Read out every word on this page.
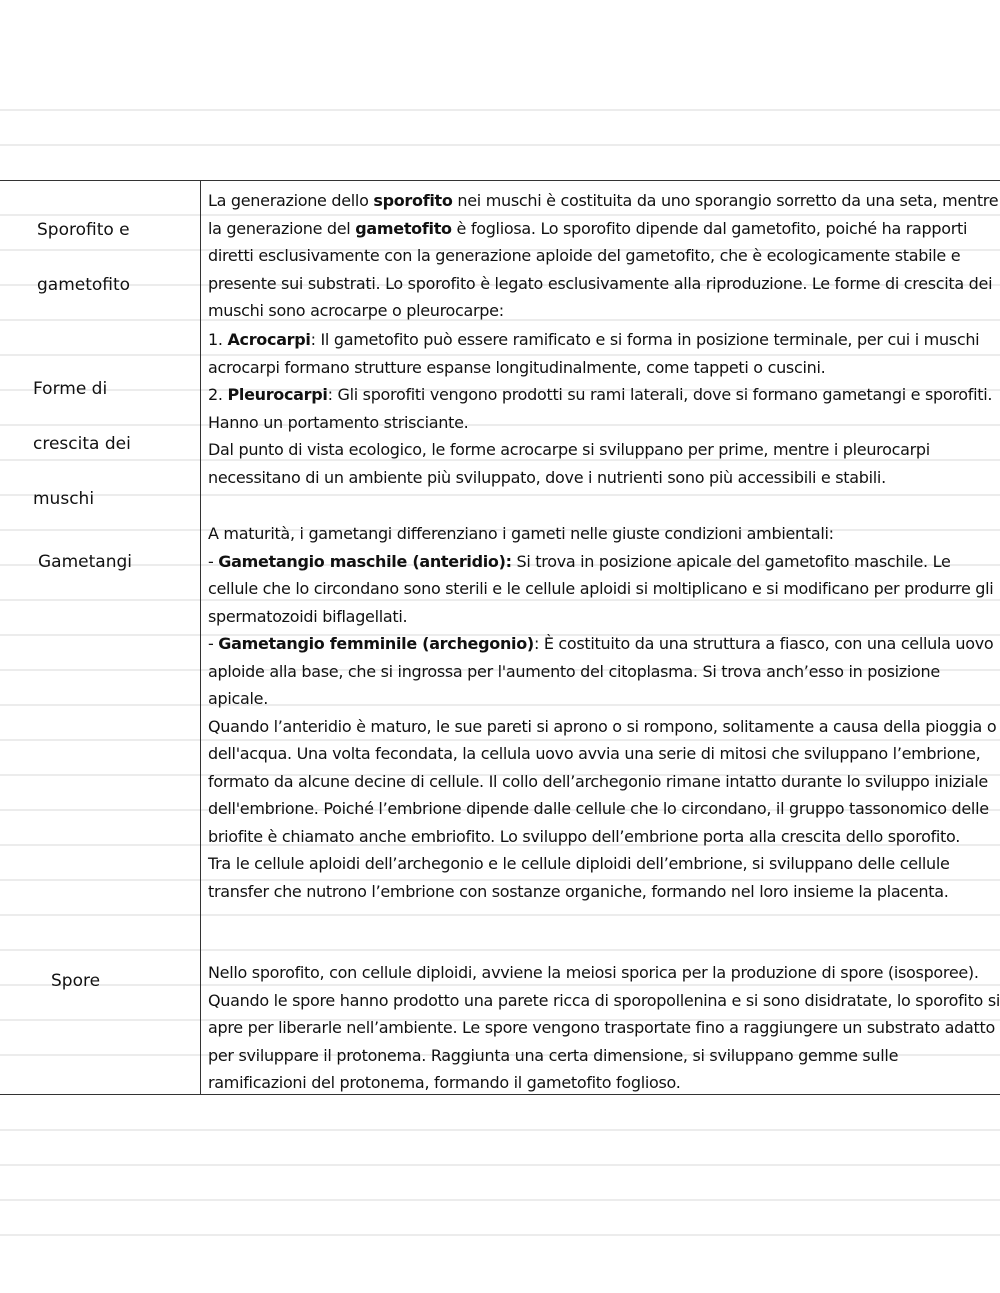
Sporofito e

gametofito

Forme di

crescita dei

muschi

Gametangi

Spore

La generazione dello sporofito nei muschi è costituita da uno sporangio sorretto da una seta, mentre la generazione del gametofito è fogliosa. Lo sporofito dipende dal gametofito, poiché ha rapporti diretti esclusivamente con la generazione aploide del gametofito, che è ecologicamente stabile e presente sui substrati. Lo sporofito è legato esclusivamente alla riproduzione. Le forme di crescita dei muschi sono acrocarpe o pleurocarpe:

1. Acrocarpi: Il gametofito può essere ramificato e si forma in posizione terminale, per cui i muschi acrocarpi formano strutture espanse longitudinalmente, come tappeti o cuscini.

2. Pleurocarpi: Gli sporofiti vengono prodotti su rami laterali, dove si formano gametangi e sporofiti. Hanno un portamento strisciante.

Dal punto di vista ecologico, le forme acrocarpe si sviluppano per prime, mentre i pleurocarpi necessitano di un ambiente più sviluppato, dove i nutrienti sono più accessibili e stabili.

A maturità, i gametangi differenziano i gameti nelle giuste condizioni ambientali:

- Gametangio maschile (anteridio): Si trova in posizione apicale del gametofito maschile. Le cellule che lo circondano sono sterili e le cellule aploidi si moltiplicano e si modificano per produrre gli spermatozoidi biflagellati.

- Gametangio femminile (archegonio): È costituito da una struttura a fiasco, con una cellula uovo aploide alla base, che si ingrossa per l'aumento del citoplasma. Si trova anch’esso in posizione apicale.

Quando l’anteridio è maturo, le sue pareti si aprono o si rompono, solitamente a causa della pioggia o dell'acqua. Una volta fecondata, la cellula uovo avvia una serie di mitosi che sviluppano l’embrione, formato da alcune decine di cellule. Il collo dell’archegonio rimane intatto durante lo sviluppo iniziale dell'embrione. Poiché l’embrione dipende dalle cellule che lo circondano, il gruppo tassonomico delle briofite è chiamato anche embriofito. Lo sviluppo dell’embrione porta alla crescita dello sporofito.

Tra le cellule aploidi dell’archegonio e le cellule diploidi dell’embrione, si sviluppano delle cellule transfer che nutrono l’embrione con sostanze organiche, formando nel loro insieme la placenta.

Nello sporofito, con cellule diploidi, avviene la meiosi sporica per la produzione di spore (isosporee). Quando le spore hanno prodotto una parete ricca di sporopollenina e si sono disidratate, lo sporofito si apre per liberarle nell’ambiente. Le spore vengono trasportate fino a raggiungere un substrato adatto per sviluppare il protonema. Raggiunta una certa dimensione, si sviluppano gemme sulle ramificazioni del protonema, formando il gametofito foglioso.
